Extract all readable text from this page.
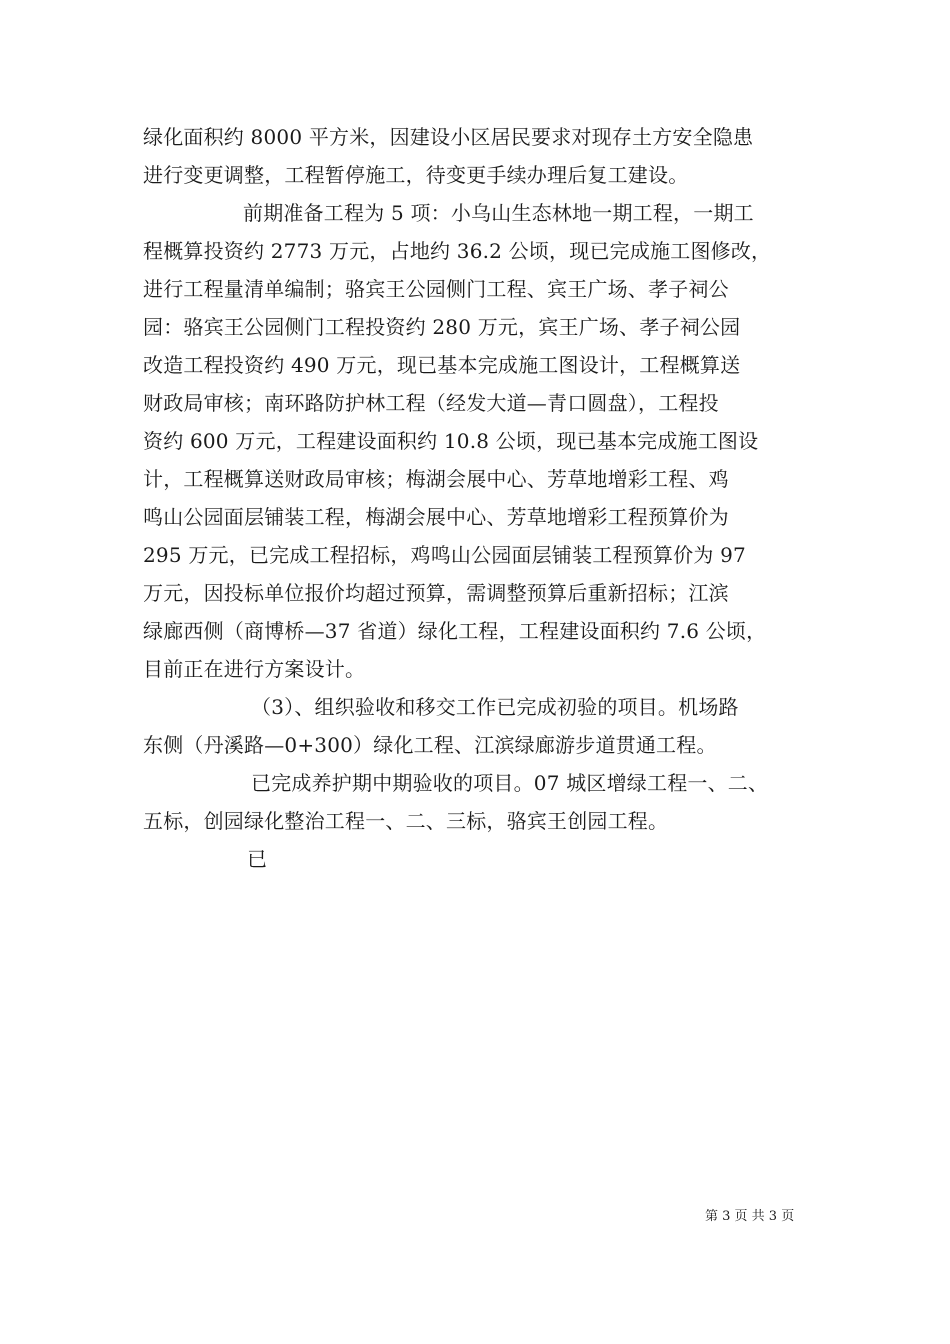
绿化面积约 8000 平方米，因建设小区居民要求对现存土方安全隐患
进行变更调整，工程暂停施工，待变更手续办理后复工建设。
前期准备工程为 5 项：小乌山生态林地一期工程，一期工
程概算投资约 2773 万元，占地约 36.2 公顷，现已完成施工图修改，
进行工程量清单编制；骆宾王公园侧门工程、宾王广场、孝子祠公
园：骆宾王公园侧门工程投资约 280 万元，宾王广场、孝子祠公园
改造工程投资约 490 万元，现已基本完成施工图设计，工程概算送
财政局审核；南环路防护林工程（经发大道—青口圆盘），工程投
资约 600 万元，工程建设面积约 10.8 公顷，现已基本完成施工图设
计，工程概算送财政局审核；梅湖会展中心、芳草地增彩工程、鸡
鸣山公园面层铺装工程，梅湖会展中心、芳草地增彩工程预算价为
295 万元，已完成工程招标，鸡鸣山公园面层铺装工程预算价为 97
万元，因投标单位报价均超过预算，需调整预算后重新招标；江滨
绿廊西侧（商博桥—37 省道）绿化工程，工程建设面积约 7.6 公顷，
目前正在进行方案设计。
（3）、组织验收和移交工作已完成初验的项目。机场路
东侧（丹溪路—0+300）绿化工程、江滨绿廊游步道贯通工程。
已完成养护期中期验收的项目。07 城区增绿工程一、二、
五标，创园绿化整治工程一、二、三标，骆宾王创园工程。
已
第 3 页 共 3 页
